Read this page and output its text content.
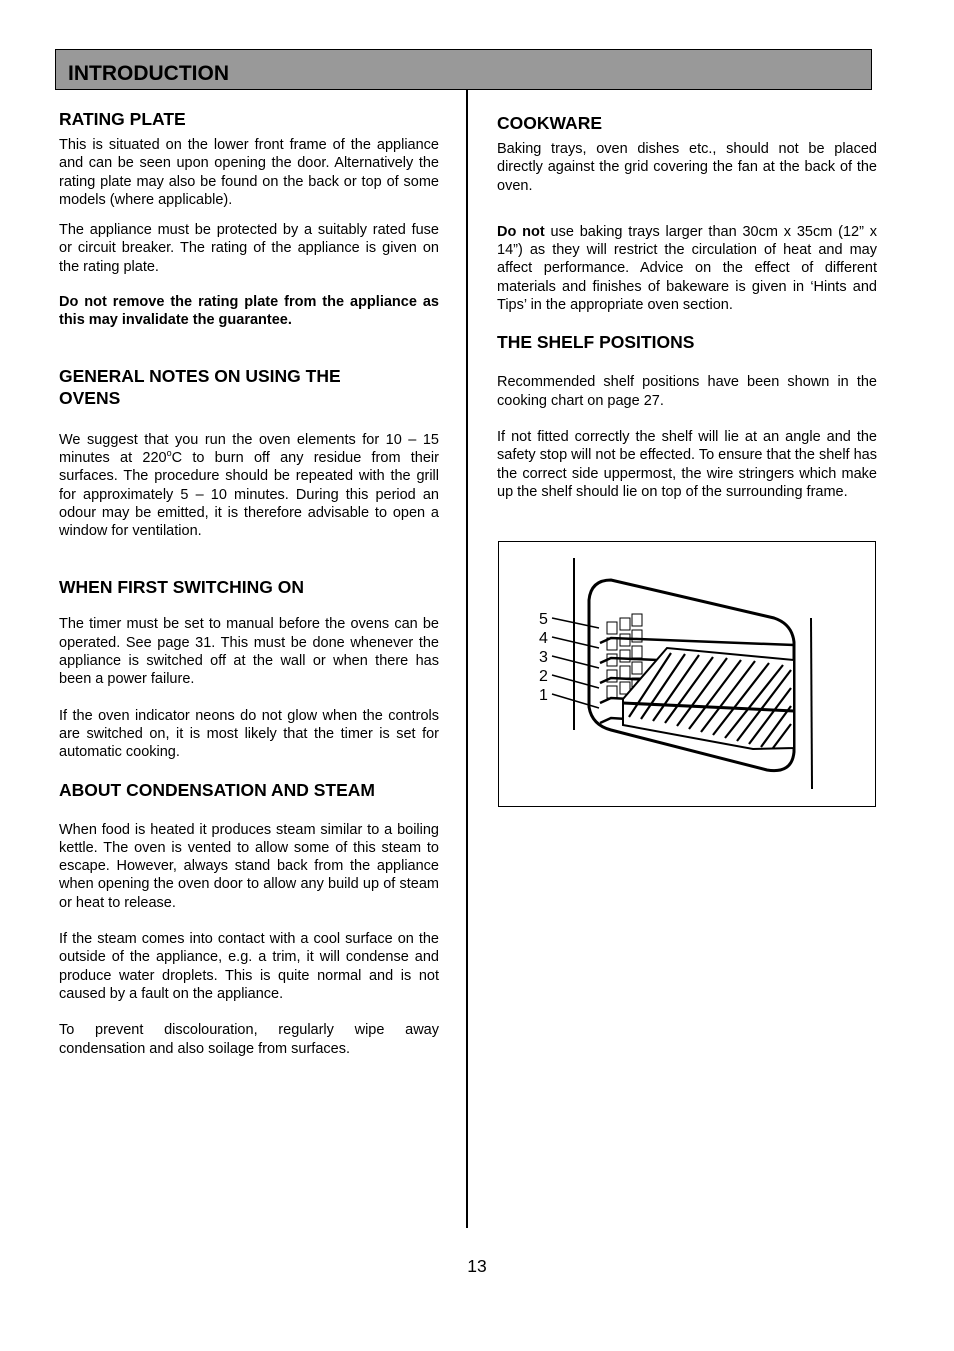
INTRODUCTION
RATING PLATE

This is situated on the lower front frame of the appliance and can be seen upon opening the door. Alternatively the rating plate may also be found on the back or top of some models (where applicable).

The appliance must be protected by a suitably rated fuse or circuit breaker. The rating of the appliance is given on the rating plate.

Do not remove the rating plate from the appliance as this may invalidate the guarantee.

GENERAL NOTES ON USING THE OVENS

We suggest that you run the oven elements for 10 – 15 minutes at 220$^o$C to burn off any residue from their surfaces. The procedure should be repeated with the grill for approximately 5 – 10 minutes. During this period an odour may be emitted, it is therefore advisable to open a window for ventilation.

WHEN FIRST SWITCHING ON

The timer must be set to manual before the ovens can be operated. See page 31. This must be done whenever the appliance is switched off at the wall or when there has been a power failure.

If the oven indicator neons do not glow when the controls are switched on, it is most likely that the timer is set for automatic cooking.

ABOUT CONDENSATION AND STEAM

When food is heated it produces steam similar to a boiling kettle. The oven is vented to allow some of this steam to escape. However, always stand back from the appliance when opening the oven door to allow any build up of steam or heat to release.

If the steam comes into contact with a cool surface on the outside of the appliance, e.g. a trim, it will condense and produce water droplets. This is quite normal and is not caused by a fault on the appliance.

To prevent discolouration, regularly wipe away condensation and also soilage from surfaces.

COOKWARE

Baking trays, oven dishes etc., should not be placed directly against the grid covering the fan at the back of the oven.

Do not use baking trays larger than 30cm x 35cm (12” x 14”) as they will restrict the circulation of heat and may affect performance. Advice on the effect of different materials and finishes of bakeware is given in ‘Hints and Tips’ in the appropriate oven section.

THE SHELF POSITIONS

Recommended shelf positions have been shown in the cooking chart on page 27.

If not fitted correctly the shelf will lie at an angle and the safety stop will not be effected. To ensure that the shelf has the correct side uppermost, the wire stringers which make up the shelf should lie on top of the surrounding frame.

5
4
3
2
1
13
